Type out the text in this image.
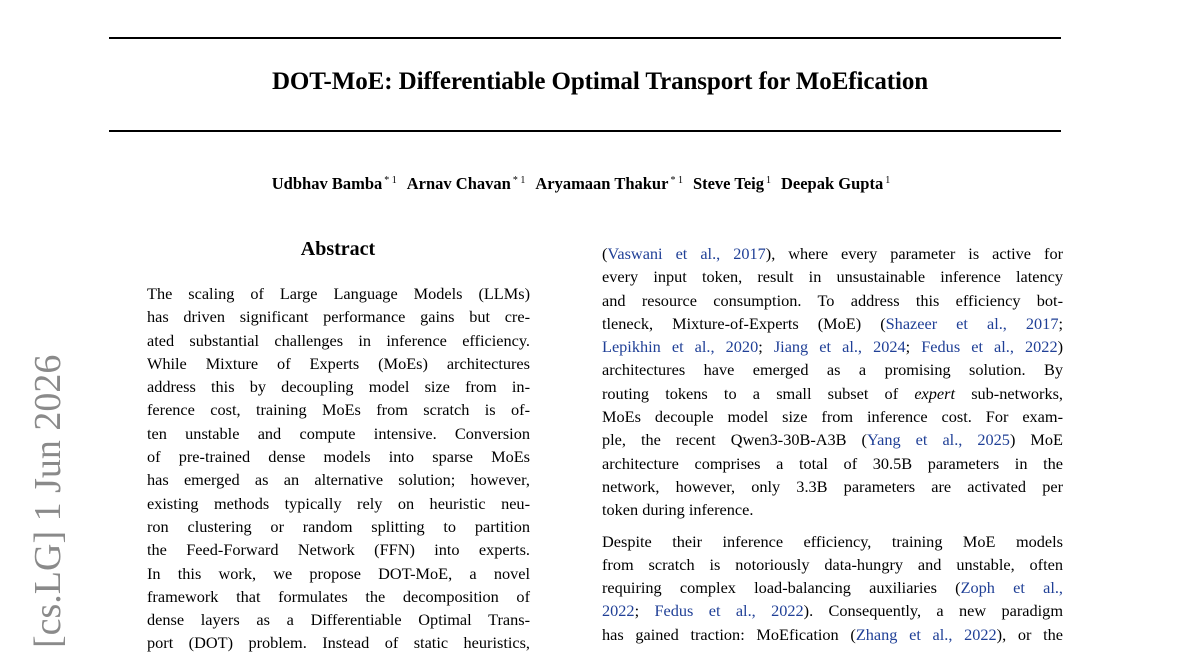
DOT-MoE: Differentiable Optimal Transport for MoEfication
Udbhav Bamba $^{* 1}$ Arnav Chavan $^{* 1}$ Aryamaan Thakur $^{* 1}$ Steve Teig $^1$ Deepak Gupta $^1$
[cs.LG] 1 Jun 2026
Abstract
The scaling of Large Language Models (LLMs)
has driven significant performance gains but cre-
ated substantial challenges in inference efficiency.
While Mixture of Experts (MoEs) architectures
address this by decoupling model size from in-
ference cost, training MoEs from scratch is of-
ten unstable and compute intensive. Conversion
of pre-trained dense models into sparse MoEs
has emerged as an alternative solution; however,
existing methods typically rely on heuristic neu-
ron clustering or random splitting to partition
the Feed-Forward Network (FFN) into experts.
In this work, we propose DOT-MoE, a novel
framework that formulates the decomposition of
dense layers as a Differentiable Optimal Trans-
port (DOT) problem. Instead of static heuristics,
(Vaswani et al., 2017), where every parameter is active for
every input token, result in unsustainable inference latency
and resource consumption. To address this efficiency bot-
tleneck, Mixture-of-Experts (MoE) (Shazeer et al., 2017;
Lepikhin et al., 2020; Jiang et al., 2024; Fedus et al., 2022)
architectures have emerged as a promising solution. By
routing tokens to a small subset of expert sub-networks,
MoEs decouple model size from inference cost. For exam-
ple, the recent Qwen3-30B-A3B (Yang et al., 2025) MoE
architecture comprises a total of 30.5B parameters in the
network, however, only 3.3B parameters are activated per
token during inference.
Despite their inference efficiency, training MoE models
from scratch is notoriously data-hungry and unstable, often
requiring complex load-balancing auxiliaries (Zoph et al.,
2022; Fedus et al., 2022). Consequently, a new paradigm
has gained traction: MoEfication (Zhang et al., 2022), or the
